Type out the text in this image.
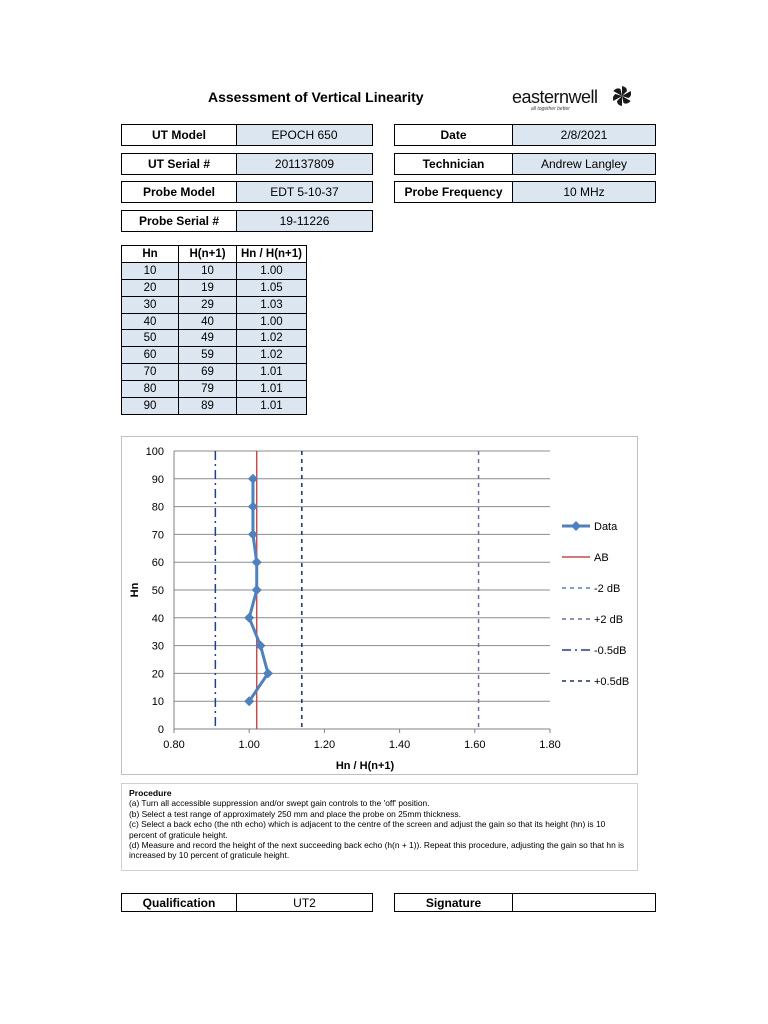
Assessment of Vertical Linearity	easternwell
all together better
UT Model	EPOCH 650
UT Serial #	201137809
Probe Model	EDT 5-10-37
Probe Serial #	19-11226
Date	2/8/2021
Technician	Andrew Langley
Probe Frequency	10 MHz
Hn	H(n+1)	Hn / H(n+1)
10	10	1.00
20	19	1.05
30	29	1.03
40	40	1.00
50	49	1.02
60	59	1.02
70	69	1.01
80	79	1.01
90	89	1.01
0
10
20
30
40
50
60
70
80
90
100
0.80	1.00	1.20	1.40	1.60	1.80
Hn / H(n+1)
Hn
Data
AB
-2 dB
+2 dB
-0.5dB
+0.5dB
Procedure
(a) Turn all accessible suppression and/or swept gain controls to the 'off' position.
(b) Select a test range of approximately 250 mm and place the probe on 25mm thickness.
(c) Select a back echo (the nth echo) which is adjacent to the centre of the screen and adjust the gain so that its height (hn) is 10 percent of graticule height.
(d) Measure and record the height of the next succeeding back echo (h(n + 1)). Repeat this procedure, adjusting the gain so that hn is increased by 10 percent of graticule height.
Qualification	UT2	Signature
